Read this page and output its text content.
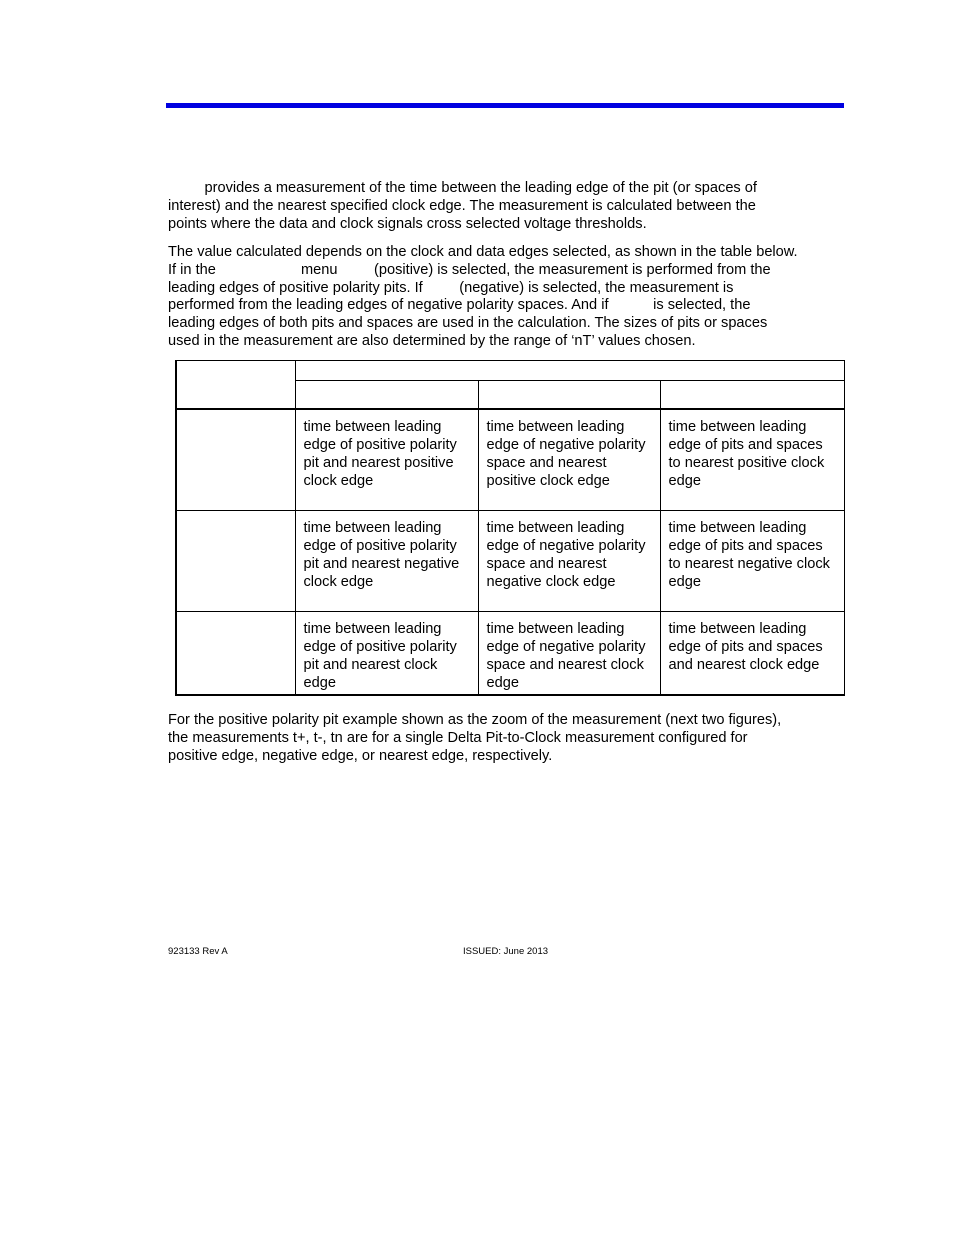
provides a measurement of the time between the leading edge of the pit (or spaces of
interest) and the nearest specified clock edge. The measurement is calculated between the
points where the data and clock signals cross selected voltage thresholds.

The value calculated depends on the clock and data edges selected, as shown in the table below.
If in the                     menu         (positive) is selected, the measurement is performed from the
leading edges of positive polarity pits. If         (negative) is selected, the measurement is
performed from the leading edges of negative polarity spaces. And if           is selected, the
leading edges of both pits and spaces are used in the calculation. The sizes of pits or spaces
used in the measurement are also determined by the range of ‘nT’ values chosen.

	time between leading edge of positive polarity pit and nearest positive clock edge	time between leading edge of negative polarity space and nearest positive clock edge	time between leading edge of pits and spaces to nearest positive clock edge
	time between leading edge of positive polarity pit and nearest negative clock edge	time between leading edge of negative polarity space and nearest negative clock edge	time between leading edge of pits and spaces to nearest negative clock edge
	time between leading edge of positive polarity pit and nearest clock edge	time between leading edge of negative polarity space and nearest clock edge	time between leading edge of pits and spaces and nearest clock edge

For the positive polarity pit example shown as the zoom of the measurement (next two figures),
the measurements t+, t-, tn are for a single Delta Pit-to-Clock measurement configured for
positive edge, negative edge, or nearest edge, respectively.

923133 Rev A	ISSUED: June 2013
